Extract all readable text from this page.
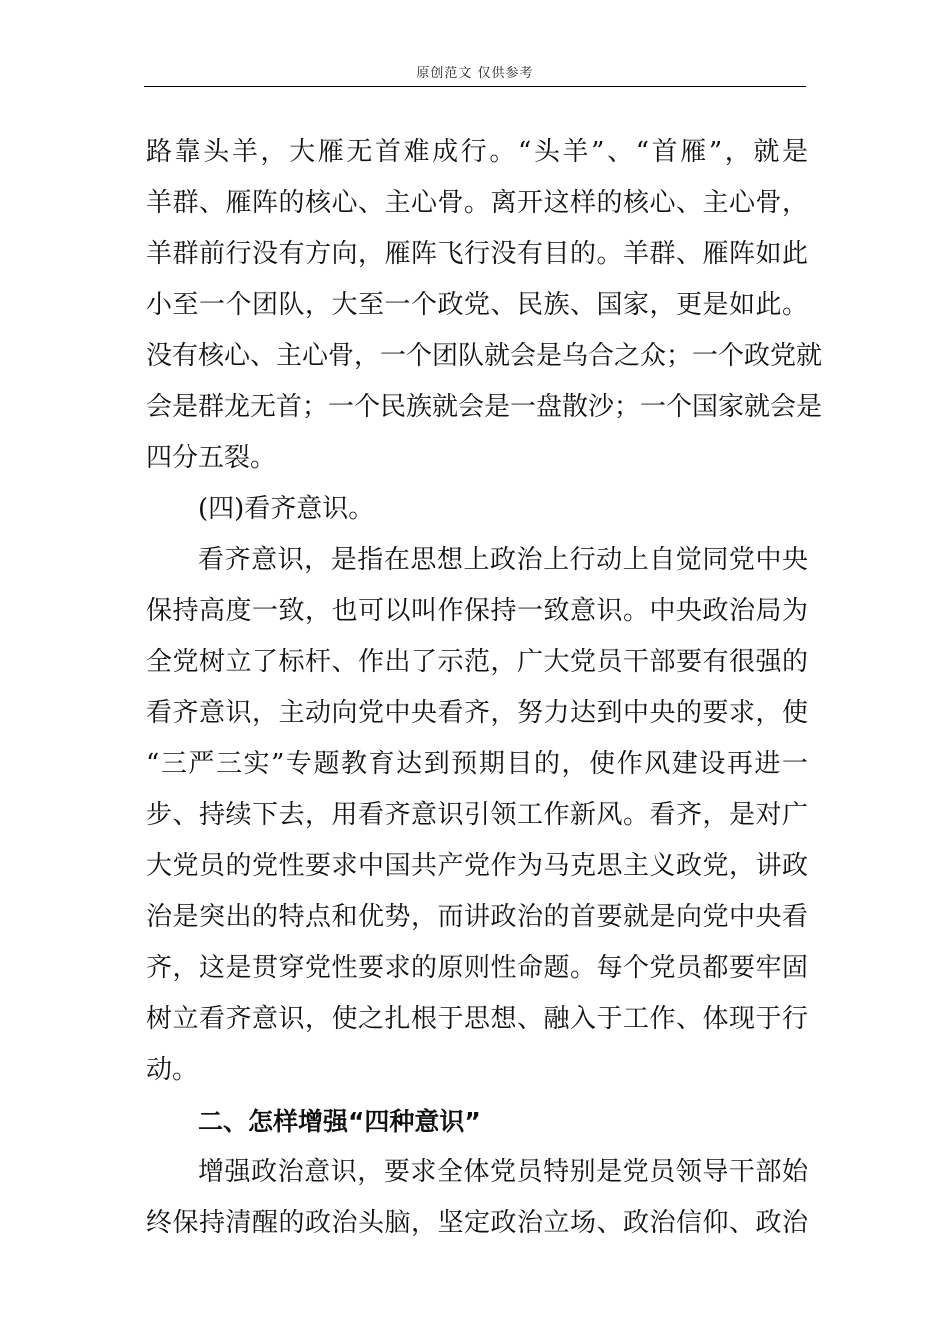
原创范文 仅供参考
路靠头羊，大雁无首难成行。“头羊”、“首雁”，就是
羊群、雁阵的核心、主心骨。离开这样的核心、主心骨，
羊群前行没有方向，雁阵飞行没有目的。羊群、雁阵如此
小至一个团队，大至一个政党、民族、国家，更是如此。
没有核心、主心骨，一个团队就会是乌合之众；一个政党就
会是群龙无首；一个民族就会是一盘散沙；一个国家就会是
四分五裂。
(四)看齐意识。
看齐意识，是指在思想上政治上行动上自觉同党中央
保持高度一致，也可以叫作保持一致意识。中央政治局为
全党树立了标杆、作出了示范，广大党员干部要有很强的
看齐意识，主动向党中央看齐，努力达到中央的要求，使
“三严三实”专题教育达到预期目的，使作风建设再进一
步、持续下去，用看齐意识引领工作新风。看齐，是对广
大党员的党性要求中国共产党作为马克思主义政党，讲政
治是突出的特点和优势，而讲政治的首要就是向党中央看
齐，这是贯穿党性要求的原则性命题。每个党员都要牢固
树立看齐意识，使之扎根于思想、融入于工作、体现于行
动。
二、怎样增强“四种意识”
增强政治意识，要求全体党员特别是党员领导干部始
终保持清醒的政治头脑，坚定政治立场、政治信仰、政治
